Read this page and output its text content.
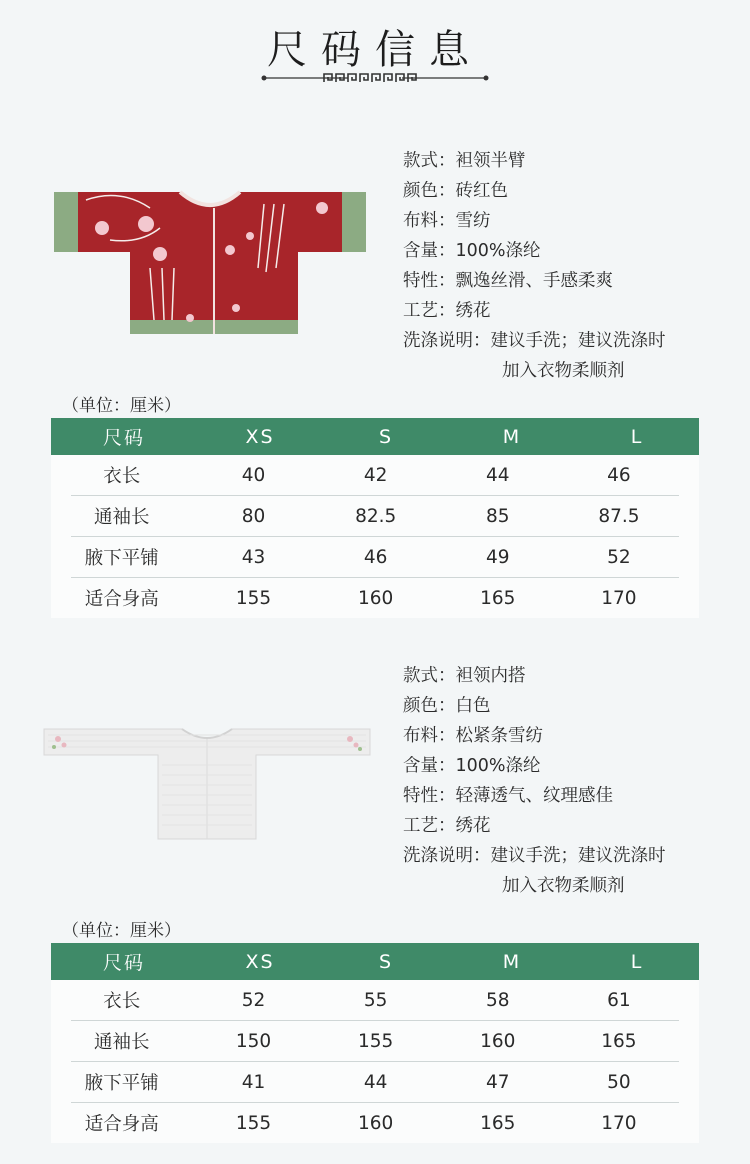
尺码信息
款式：袒领半臂
颜色：砖红色
布料：雪纺
含量：100%涤纶
特性：飘逸丝滑、手感柔爽
工艺：绣花
洗涤说明：建议手洗；建议洗涤时
加入衣物柔顺剂
（单位：厘米）
尺码	XS	S	M	L
衣长	40	42	44	46
通袖长	80	82.5	85	87.5
腋下平铺	43	46	49	52
适合身高	155	160	165	170
款式：袒领内搭
颜色：白色
布料：松紧条雪纺
含量：100%涤纶
特性：轻薄透气、纹理感佳
工艺：绣花
洗涤说明：建议手洗；建议洗涤时
加入衣物柔顺剂
（单位：厘米）
尺码	XS	S	M	L
衣长	52	55	58	61
通袖长	150	155	160	165
腋下平铺	41	44	47	50
适合身高	155	160	165	170
